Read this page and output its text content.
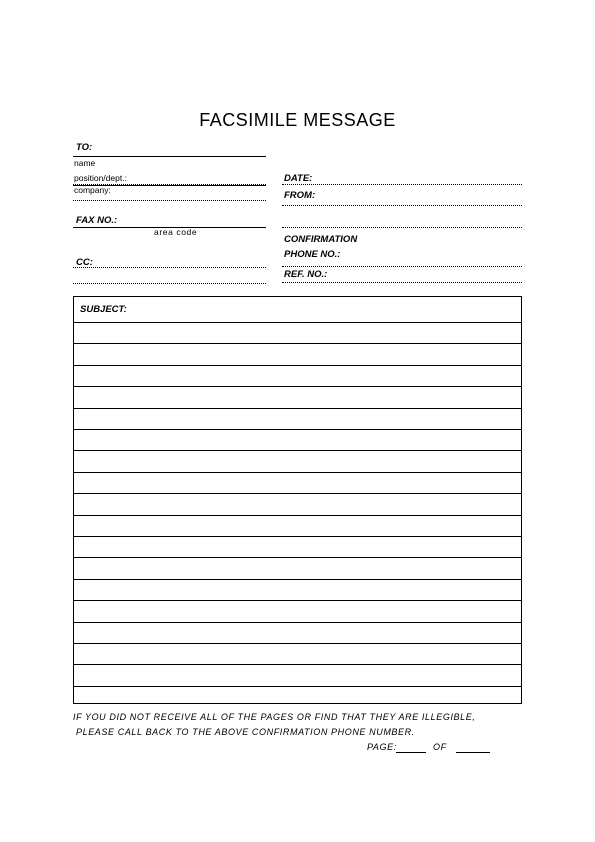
FACSIMILE MESSAGE
TO:
name
position/dept.:
company:
FAX NO.:
area code
CC:
DATE:
FROM:
CONFIRMATION
PHONE NO.:
REF. NO.:
SUBJECT:
IF YOU DID NOT RECEIVE ALL OF THE PAGES OR FIND THAT THEY ARE ILLEGIBLE,
PLEASE CALL BACK TO THE ABOVE CONFIRMATION PHONE NUMBER.
PAGE:	OF
